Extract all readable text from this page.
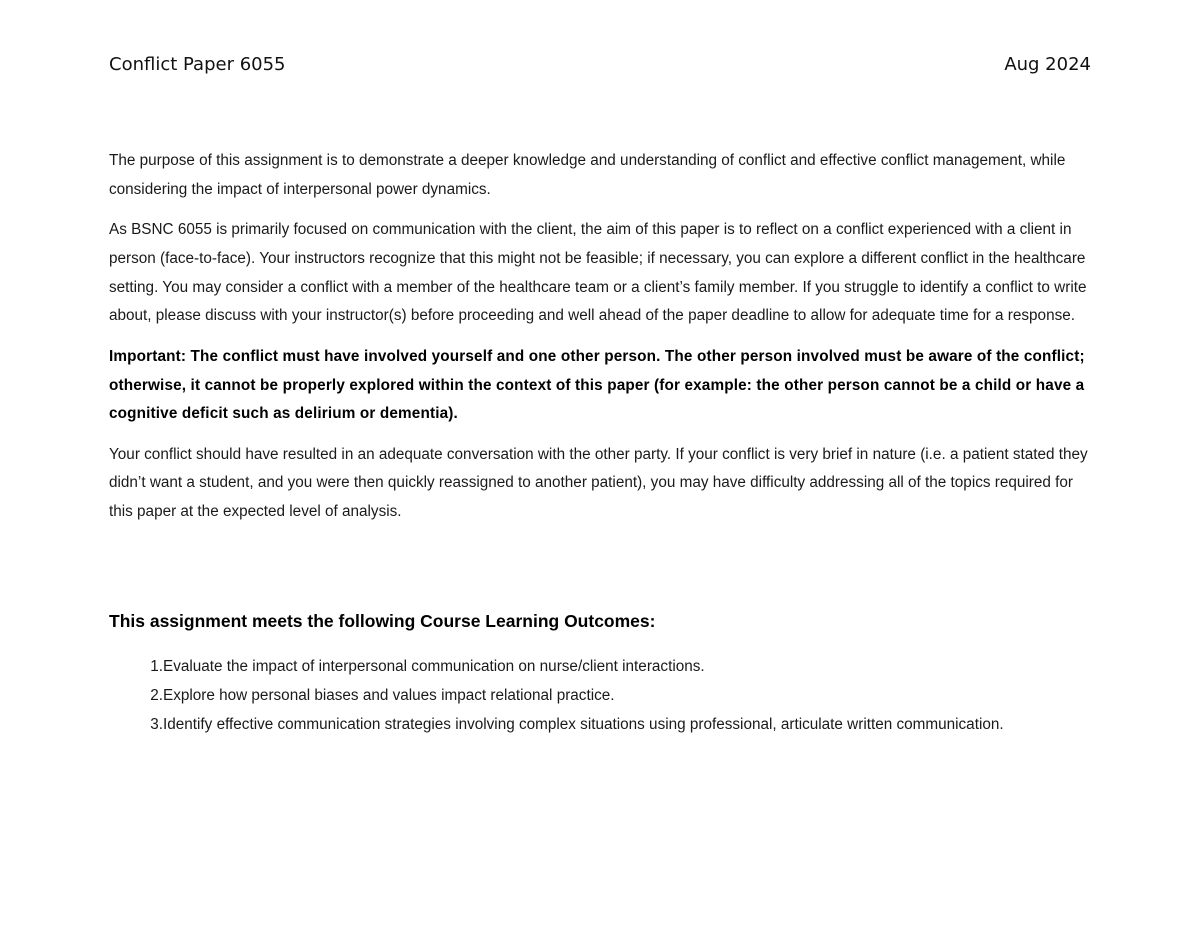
Conflict Paper 6055	Aug 2024

The purpose of this assignment is to demonstrate a deeper knowledge and understanding of conflict and effective conflict management, while considering the impact of interpersonal power dynamics.

As BSNC 6055 is primarily focused on communication with the client, the aim of this paper is to reflect on a conflict experienced with a client in person (face-to-face). Your instructors recognize that this might not be feasible; if necessary, you can explore a different conflict in the healthcare setting. You may consider a conflict with a member of the healthcare team or a client’s family member. If you struggle to identify a conflict to write about, please discuss with your instructor(s) before proceeding and well ahead of the paper deadline to allow for adequate time for a response.

Important: The conflict must have involved yourself and one other person. The other person involved must be aware of the conflict; otherwise, it cannot be properly explored within the context of this paper (for example: the other person cannot be a child or have a cognitive deficit such as delirium or dementia).

Your conflict should have resulted in an adequate conversation with the other party. If your conflict is very brief in nature (i.e. a patient stated they didn’t want a student, and you were then quickly reassigned to another patient), you may have difficulty addressing all of the topics required for this paper at the expected level of analysis.

This assignment meets the following Course Learning Outcomes:
1. Evaluate the impact of interpersonal communication on nurse/client interactions.
2. Explore how personal biases and values impact relational practice.
3. Identify effective communication strategies involving complex situations using professional, articulate written communication.
